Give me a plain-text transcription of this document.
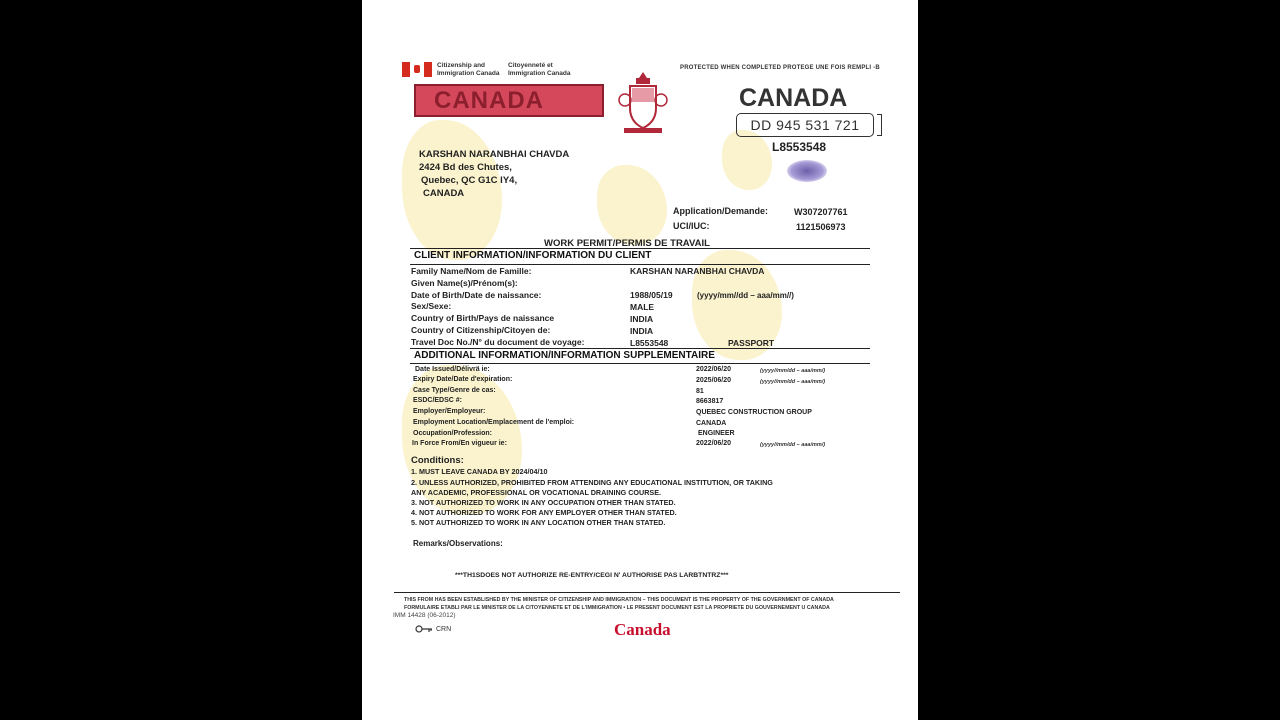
Citizenship and
Immigration Canada
Citoyenneté et
Immigration Canada
CANADA
PROTECTED WHEN COMPLETED PROTEGE UNE FOIS REMPLI -B
CANADA
DD 945 531 721
L8553548
KARSHAN NARANBHAI CHAVDA
2424 Bd des Chutes,
Quebec, QC G1C IY4,
CANADA
Application/Demande:	W307207761
UCI/IUC:	1121506973
WORK PERMIT/PERMIS DE TRAVAIL
CLIENT INFORMATION/INFORMATION DU CLIENT
Family Name/Nom de Famille:	KARSHAN NARANBHAI CHAVDA
Given Name(s)/Prénom(s):
Date of Birth/Date de naissance:	1988/05/19	(yyyy/mm//dd – aaa/mm//)
Sex/Sexe:	MALE
Country of Birth/Pays de naissance	INDIA
Country of Citizenship/Citoyen de:	INDIA
Travel Doc No./N° du document de voyage:	L8553548	PASSPORT
ADDITIONAL INFORMATION/INFORMATION SUPPLEMENTAIRE
Date Issued/Délivrä ie:	2022/06/20	(yyyy//mm/dd – aaa/mm/)
Expiry Date/Date d'expiration:	2025/06/20	(yyyy//mm/dd – aaa/mm/)
Case Type/Genre de cas:	81
ESDC/EDSC #:	8663817
Employer/Employeur:	QUEBEC CONSTRUCTION GROUP
Employment Location/Emplacement de l'emploi:	CANADA
Occupation/Profession:	ENGINEER
In Force From/En vigueur ie:	2022/06/20	(yyyy//mm/dd – aaa/mm/)
Conditions:
1. MUST LEAVE CANADA BY 2024/04/10
2. UNLESS AUTHORIZED, PROHIBITED FROM ATTENDING ANY EDUCATIONAL INSTITUTION, OR TAKING
ANY ACADEMIC, PROFESSIONAL OR VOCATIONAL DRAINING COURSE.
3. NOT AUTHORIZED TO WORK IN ANY OCCUPATION OTHER THAN STATED.
4. NOT AUTHORIZED TO WORK FOR ANY EMPLOYER OTHER THAN STATED.
5. NOT AUTHORIZED TO WORK IN ANY LOCATION OTHER THAN STATED.
Remarks/Observations:
***TH1SDOES NOT AUTHORIZE RE-ENTRY/CEGI N' AUTHORISE PAS LARBTNTRZ***
THIS FROM HAS BEEN ESTABLISHED BY THE MINISTER OF CITIZENSHIP AND IMMIGRATION – THIS DOCUMENT IS THE PROPERTY OF THE GOVERNMENT OF CANADA
FORMULAIRE ETABLI PAR LE MINISTER DE LA CITOYENNETE ET DE L'IMMIGRATION • LE PRESENT DOCUMENT EST LA PROPRIETE DU GOUVERNEMENT U CANADA
IMM 14428 (06-2012)
CRN	Canada
